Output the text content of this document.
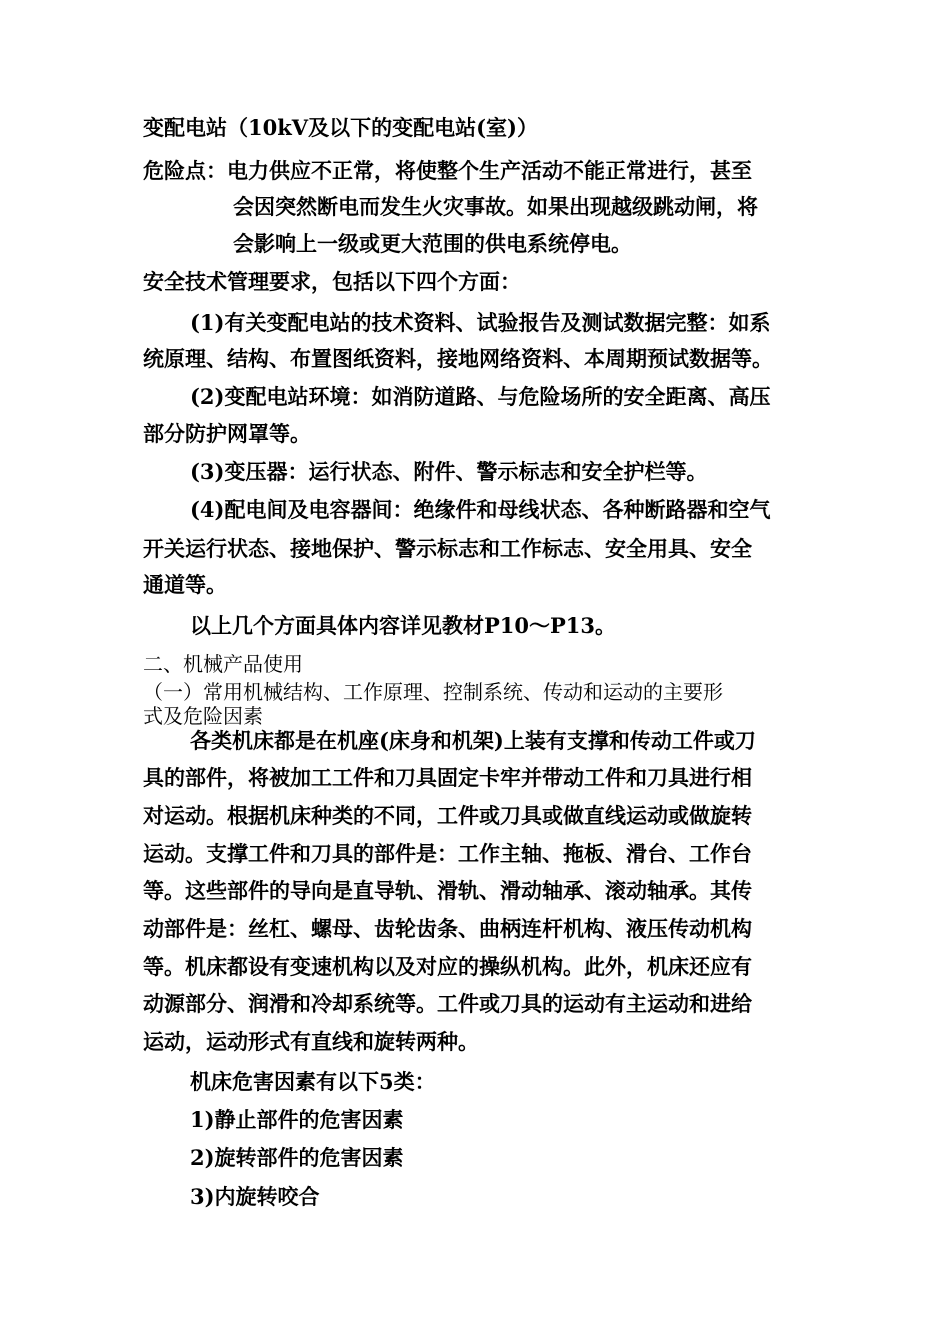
变配电站（10kV及以下的变配电站(室)）
危险点：电力供应不正常，将使整个生产活动不能正常进行，甚至
会因突然断电而发生火灾事故。如果出现越级跳动闸，将
会影响上一级或更大范围的供电系统停电。
安全技术管理要求，包括以下四个方面：
(1)有关变配电站的技术资料、试验报告及测试数据完整：如系
统原理、结构、布置图纸资料，接地网络资料、本周期预试数据等。
(2)变配电站环境：如消防道路、与危险场所的安全距离、高压
部分防护网罩等。
(3)变压器：运行状态、附件、警示标志和安全护栏等。
(4)配电间及电容器间：绝缘件和母线状态、各种断路器和空气
开关运行状态、接地保护、警示标志和工作标志、安全用具、安全
通道等。
以上几个方面具体内容详见教材P10～P13。
二、机械产品使用
（一）常用机械结构、工作原理、控制系统、传动和运动的主要形
式及危险因素
各类机床都是在机座(床身和机架)上装有支撑和传动工件或刀
具的部件，将被加工工件和刀具固定卡牢并带动工件和刀具进行相
对运动。根据机床种类的不同，工件或刀具或做直线运动或做旋转
运动。支撑工件和刀具的部件是：工作主轴、拖板、滑台、工作台
等。这些部件的导向是直导轨、滑轨、滑动轴承、滚动轴承。其传
动部件是：丝杠、螺母、齿轮齿条、曲柄连杆机构、液压传动机构
等。机床都设有变速机构以及对应的操纵机构。此外，机床还应有
动源部分、润滑和冷却系统等。工件或刀具的运动有主运动和进给
运动，运动形式有直线和旋转两种。
机床危害因素有以下5类：
1)静止部件的危害因素
2)旋转部件的危害因素
3)内旋转咬合
